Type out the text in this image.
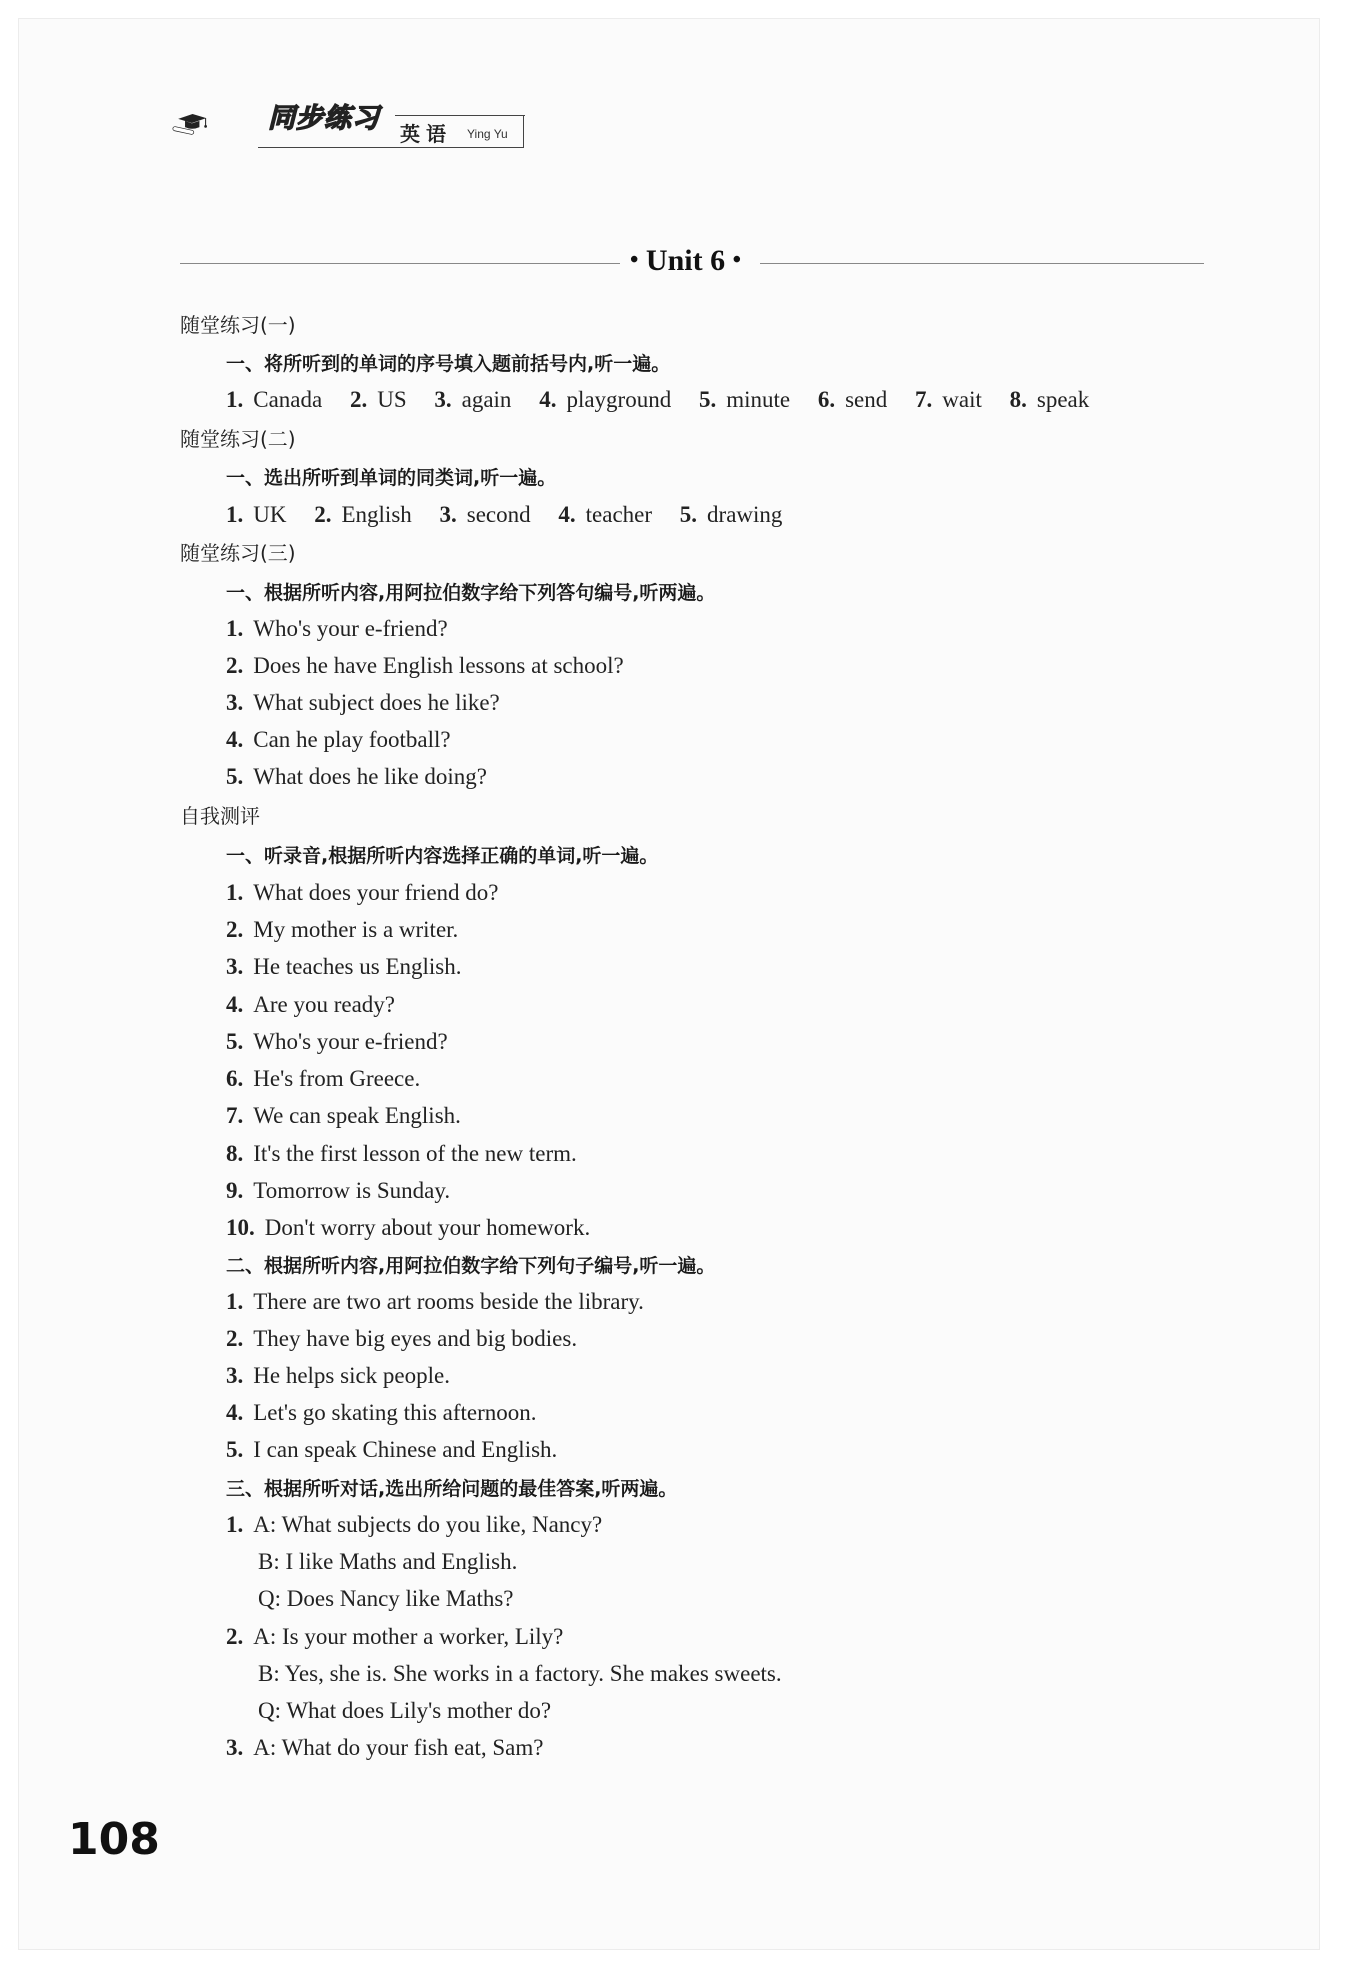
同步练习 英语 Ying Yu
• Unit 6 •
随堂练习(一)
一、将所听到的单词的序号填入题前括号内,听一遍。
1. Canada 2. US 3. again 4. playground 5. minute 6. send 7. wait 8. speak
随堂练习(二)
一、选出所听到单词的同类词,听一遍。
1. UK 2. English 3. second 4. teacher 5. drawing
随堂练习(三)
一、根据所听内容,用阿拉伯数字给下列答句编号,听两遍。
1. Who's your e-friend?
2. Does he have English lessons at school?
3. What subject does he like?
4. Can he play football?
5. What does he like doing?
自我测评
一、听录音,根据所听内容选择正确的单词,听一遍。
1. What does your friend do?
2. My mother is a writer.
3. He teaches us English.
4. Are you ready?
5. Who's your e-friend?
6. He's from Greece.
7. We can speak English.
8. It's the first lesson of the new term.
9. Tomorrow is Sunday.
10. Don't worry about your homework.
二、根据所听内容,用阿拉伯数字给下列句子编号,听一遍。
1. There are two art rooms beside the library.
2. They have big eyes and big bodies.
3. He helps sick people.
4. Let's go skating this afternoon.
5. I can speak Chinese and English.
三、根据所听对话,选出所给问题的最佳答案,听两遍。
1. A: What subjects do you like, Nancy?
B: I like Maths and English.
Q: Does Nancy like Maths?
2. A: Is your mother a worker, Lily?
B: Yes, she is. She works in a factory. She makes sweets.
Q: What does Lily's mother do?
3. A: What do your fish eat, Sam?
108
